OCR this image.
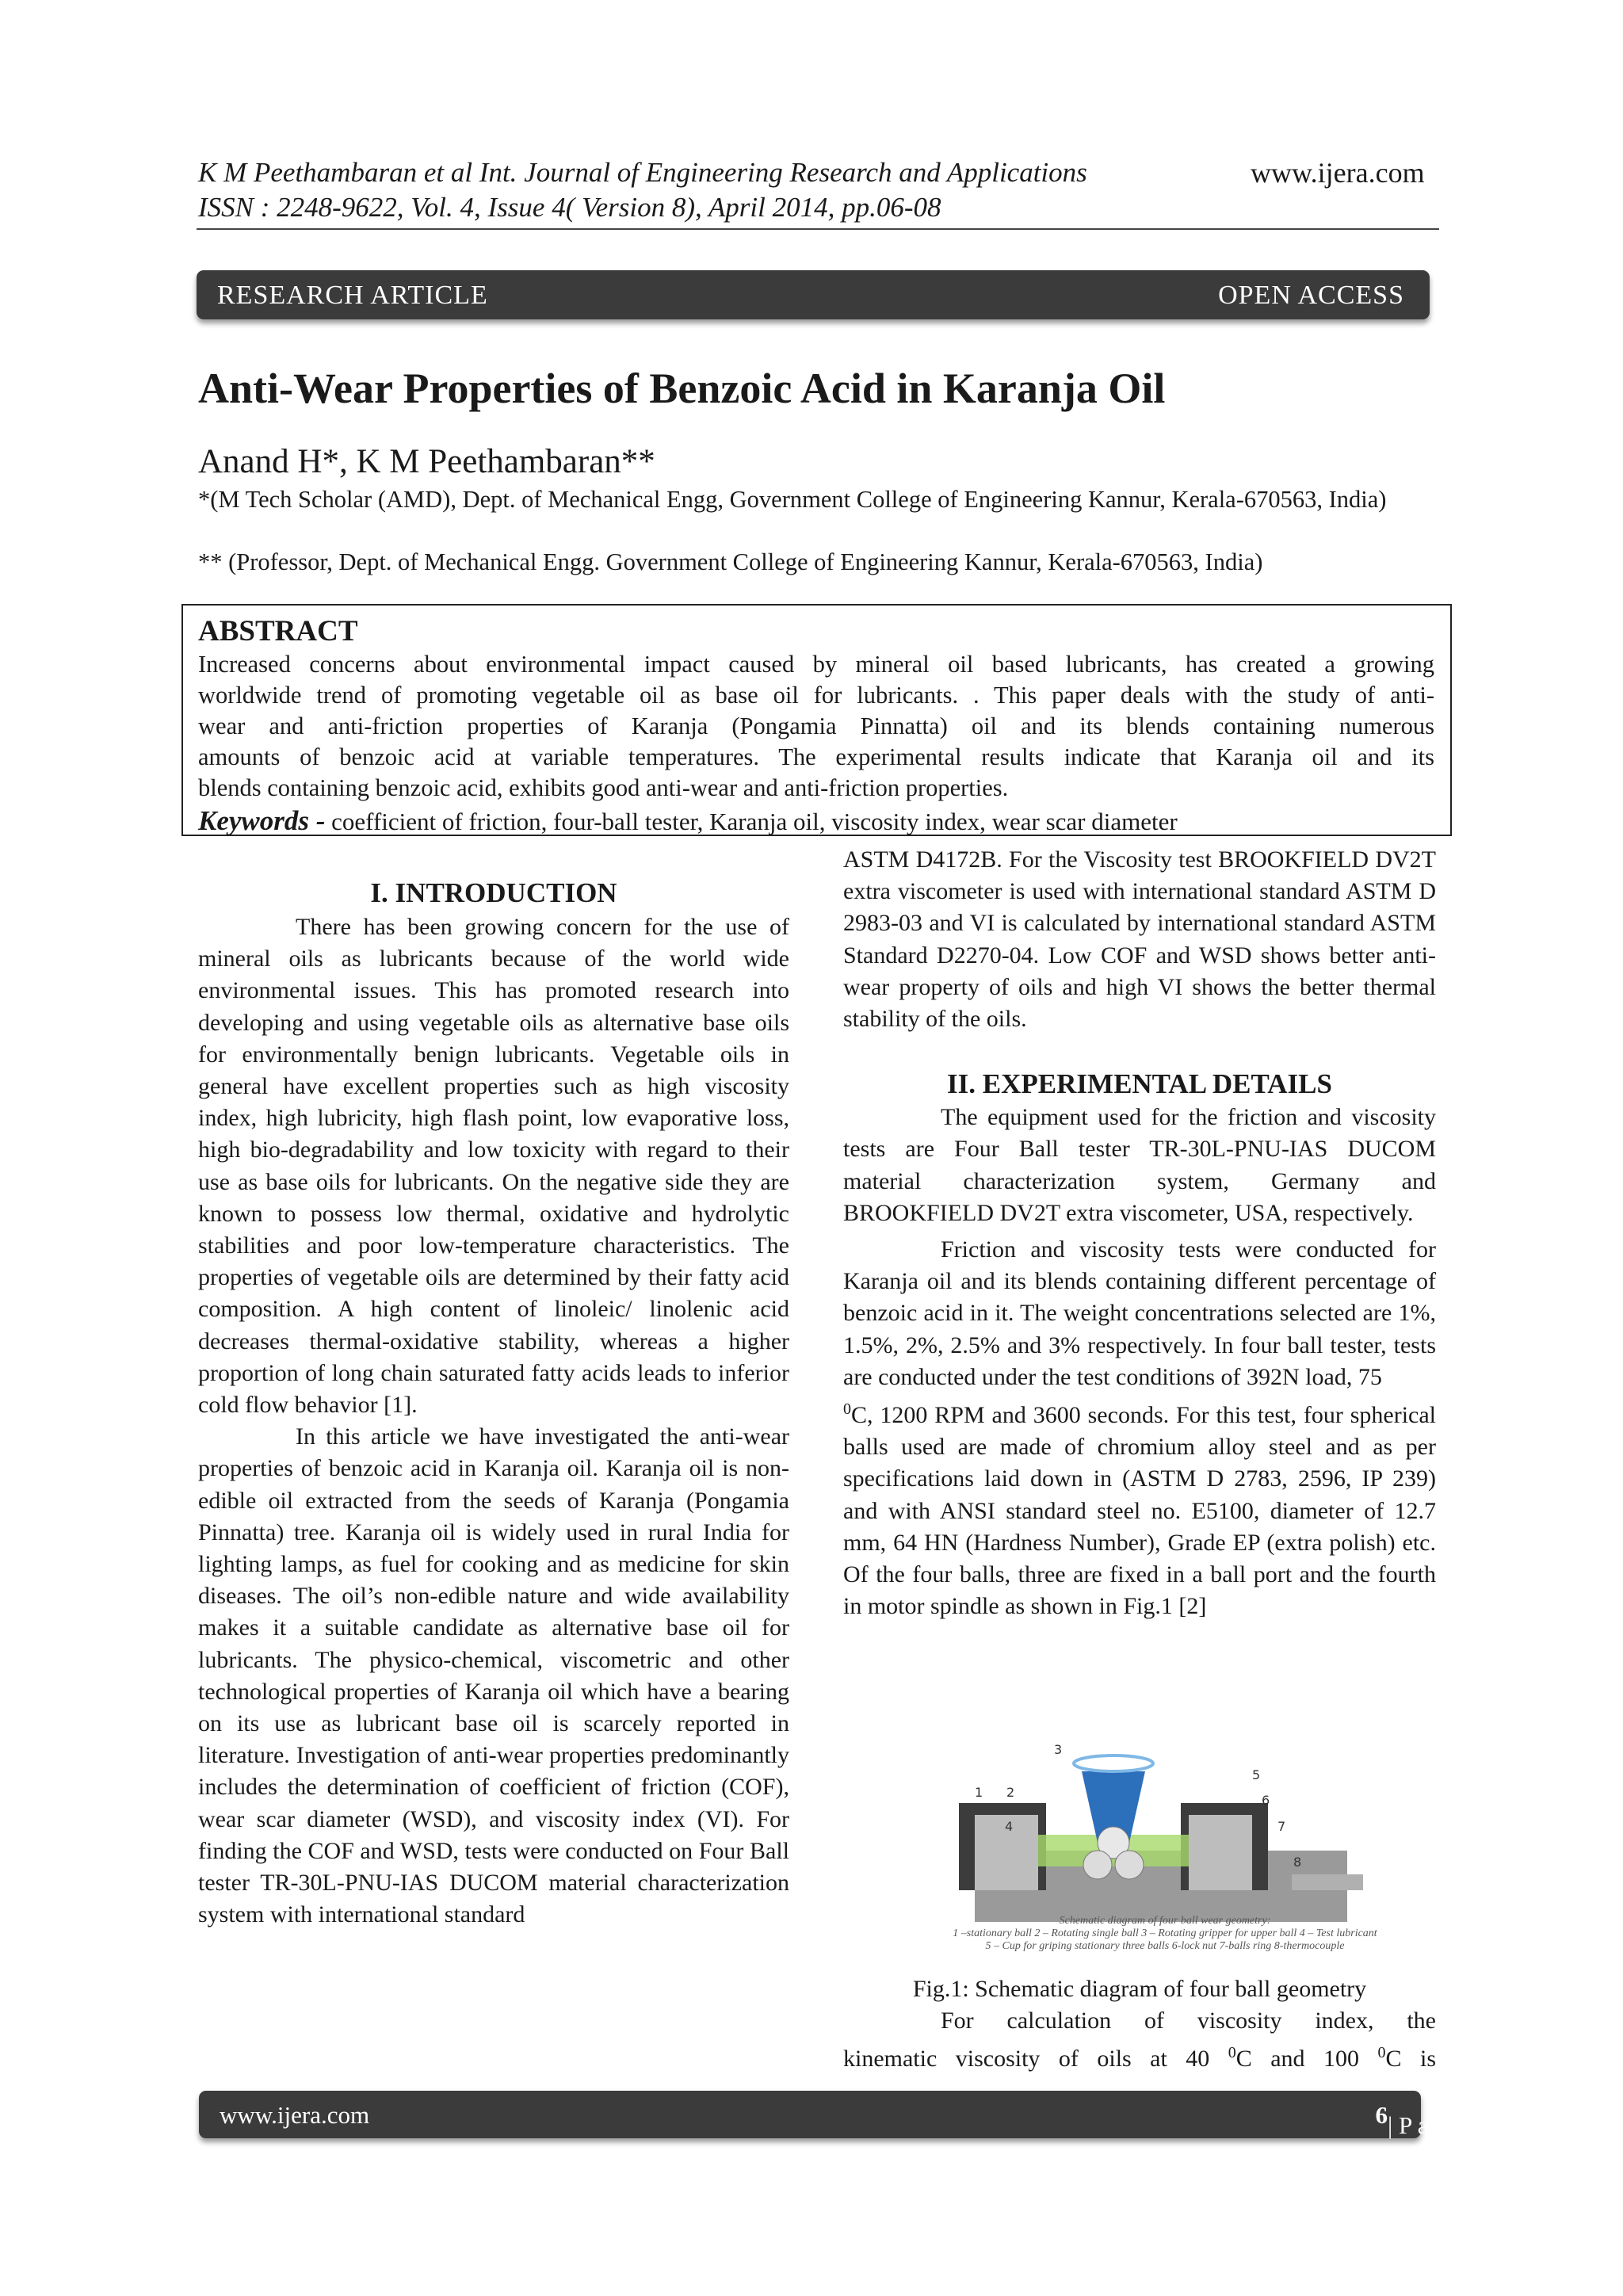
K M Peethambaran et al Int. Journal of Engineering Research and Applications	www.ijera.com
ISSN : 2248-9622, Vol. 4, Issue 4( Version 8), April 2014, pp.06-08
RESEARCH ARTICLE	OPEN ACCESS
Anti-Wear Properties of Benzoic Acid in Karanja Oil
Anand H*, K M Peethambaran**
*(M Tech Scholar (AMD), Dept. of Mechanical Engg, Government College of Engineering Kannur, Kerala-670563, India)
** (Professor, Dept. of Mechanical Engg. Government College of Engineering Kannur, Kerala-670563, India)
ABSTRACT
Increased concerns about environmental impact caused by mineral oil based lubricants, has created a growing
worldwide trend of promoting vegetable oil as base oil for lubricants. . This paper deals with the study of anti-
wear and anti-friction properties of Karanja (Pongamia Pinnatta) oil and its blends containing numerous
amounts of benzoic acid at variable temperatures. The experimental results indicate that Karanja oil and its
blends containing benzoic acid, exhibits good anti-wear and anti-friction properties.
Keywords - coefficient of friction, four-ball tester, Karanja oil, viscosity index, wear scar diameter
I. INTRODUCTION

There has been growing concern for the use of mineral oils as lubricants because of the world wide environmental issues. This has promoted research into developing and using vegetable oils as alternative base oils for environmentally benign lubricants. Vegetable oils in general have excellent properties such as high viscosity index, high lubricity, high flash point, low evaporative loss, high bio-degradability and low toxicity with regard to their use as base oils for lubricants. On the negative side they are known to possess low thermal, oxidative and hydrolytic stabilities and poor low-temperature characteristics. The properties of vegetable oils are determined by their fatty acid composition. A high content of linoleic/ linolenic acid decreases thermal-oxidative stability, whereas a higher proportion of long chain saturated fatty acids leads to inferior cold flow behavior [1].

In this article we have investigated the anti-wear properties of benzoic acid in Karanja oil. Karanja oil is non-edible oil extracted from the seeds of Karanja (Pongamia Pinnatta) tree. Karanja oil is widely used in rural India for lighting lamps, as fuel for cooking and as medicine for skin diseases. The oil’s non-edible nature and wide availability makes it a suitable candidate as alternative base oil for lubricants. The physico-chemical, viscometric and other technological properties of Karanja oil which have a bearing on its use as lubricant base oil is scarcely reported in literature. Investigation of anti-wear properties predominantly includes the determination of coefficient of friction (COF), wear scar diameter (WSD), and viscosity index (VI). For finding the COF and WSD, tests were conducted on Four Ball tester TR-30L-PNU-IAS DUCOM material characterization system with international standard

ASTM D4172B. For the Viscosity test BROOKFIELD DV2T extra viscometer is used with international standard ASTM D 2983-03 and VI is calculated by international standard ASTM Standard D2270-04. Low COF and WSD shows better anti-wear property of oils and high VI shows the better thermal stability of the oils.

II. EXPERIMENTAL DETAILS

The equipment used for the friction and viscosity tests are Four Ball tester TR-30L-PNU-IAS DUCOM material characterization system, Germany and BROOKFIELD DV2T extra viscometer, USA, respectively.

Friction and viscosity tests were conducted for Karanja oil and its blends containing different percentage of benzoic acid in it. The weight concentrations selected are 1%, 1.5%, 2%, 2.5% and 3% respectively. In four ball tester, tests are conducted under the test conditions of 392N load, 75
$^0$C, 1200 RPM and 3600 seconds. For this test, four spherical balls used are made of chromium alloy steel and as per specifications laid down in (ASTM D 2783, 2596, IP 239) and with ANSI standard steel no. E5100, diameter of 12.7 mm, 64 HN (Hardness Number), Grade EP (extra polish) etc. Of the four balls, three are fixed in a ball port and the fourth in motor spindle as shown in Fig.1 [2]

1 2
3
4
5
6
7
8
Schematic diagram of four ball wear geometry:
1 –stationary ball 2 – Rotating single ball 3 – Rotating gripper for upper ball 4 – Test lubricant
5 – Cup for griping stationary three balls 6-lock nut 7-balls ring 8-thermocouple
Fig.1: Schematic diagram of four ball geometry
For calculation of viscosity index, the
kinematic viscosity of oils at 40 $^0$C and 100 $^0$C is
www.ijera.com	6 | P a g e
